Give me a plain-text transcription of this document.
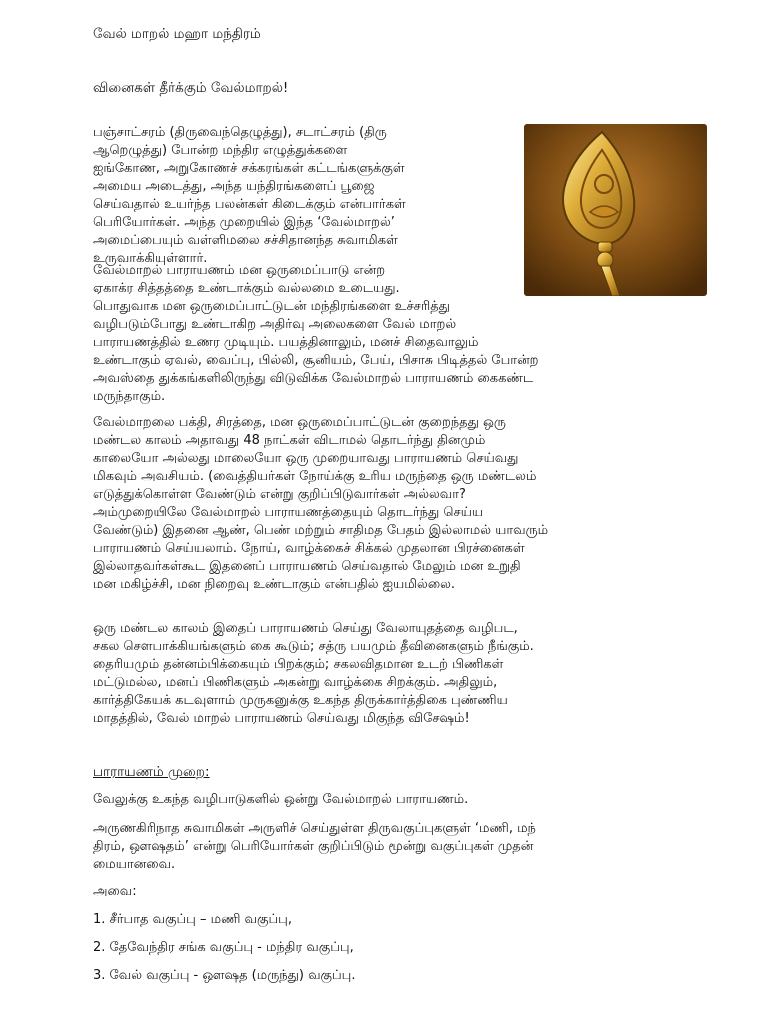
வேல் மாறல் மஹா மந்திரம்
வினைகள் தீர்க்கும் வேல்மாறல்!
பஞ்சாட்சரம் (திருவைந்தெழுத்து), சடாட்சரம் (திரு
ஆறெழுத்து) போன்ற மந்திர எழுத்துக்களை
ஐங்கோண, அறுகோணச் சக்கரங்கள் கட்டங்களுக்குள்
அமைய அடைத்து, அந்த யந்திரங்களைப் பூஜை
செய்வதால் உயர்ந்த பலன்கள் கிடைக்கும் என்பார்கள்
பெரியோர்கள். அந்த முறையில் இந்த ‘வேல்மாறல்’
அமைப்பையும் வள்ளிமலை சச்சிதானந்த சுவாமிகள்
உருவாக்கியுள்ளார்.
வேல்மாறல் பாராயணம் மன ஒருமைப்பாடு என்ற
ஏகாக்ர சித்தத்தை உண்டாக்கும் வல்லமை உடையது.
பொதுவாக மன ஒருமைப்பாட்டுடன் மந்திரங்களை உச்சரித்து
வழிபடும்போது உண்டாகிற அதிர்வு அலைகளை வேல் மாறல்
பாராயணத்தில் உணர முடியும். பயத்தினாலும், மனச் சிதைவாலும்
உண்டாகும் ஏவல், வைப்பு, பில்லி, சூனியம், பேய், பிசாசு பிடித்தல் போன்ற
அவஸ்தை துக்கங்களிலிருந்து விடுவிக்க வேல்மாறல் பாராயணம் கைகண்ட
மருந்தாகும்.
வேல்மாறலை பக்தி, சிரத்தை, மன ஒருமைப்பாட்டுடன் குறைந்தது ஒரு
மண்டல காலம் அதாவது 48 நாட்கள் விடாமல் தொடர்ந்து தினமும்
காலையோ அல்லது மாலையோ ஒரு முறையாவது பாராயணம் செய்வது
மிகவும் அவசியம். (வைத்தியர்கள் நோய்க்கு உரிய மருந்தை ஒரு மண்டலம்
எடுத்துக்கொள்ள வேண்டும் என்று குறிப்பிடுவார்கள் அல்லவா?
அம்முறையிலே வேல்மாறல் பாராயணத்தையும் தொடர்ந்து செய்ய
வேண்டும்) இதனை ஆண், பெண் மற்றும் சாதிமத பேதம் இல்லாமல் யாவரும்
பாராயணம் செய்யலாம். நோய், வாழ்க்கைச் சிக்கல் முதலான பிரச்னைகள்
இல்லாதவர்கள்கூட இதனைப் பாராயணம் செய்வதால் மேலும் மன உறுதி
மன மகிழ்ச்சி, மன நிறைவு உண்டாகும் என்பதில் ஐயமில்லை.
ஒரு மண்டல காலம் இதைப் பாராயணம் செய்து வேலாயுதத்தை வழிபட,
சகல சௌபாக்கியங்களும் கை கூடும்; சத்ரு பயமும் தீவினைகளும் நீங்கும்.
தைரியமும் தன்னம்பிக்கையும் பிறக்கும்; சகலவிதமான உடற் பிணிகள்
மட்டுமல்ல, மனப் பிணிகளும் அகன்று வாழ்க்கை சிறக்கும். அதிலும்,
கார்த்திகேயக் கடவுளாம் முருகனுக்கு உகந்த திருக்கார்த்திகை புண்ணிய
மாதத்தில், வேல் மாறல் பாராயணம் செய்வது மிகுந்த விசேஷம்!
பாராயணம் முறை:
வேலுக்கு உகந்த வழிபாடுகளில் ஒன்று வேல்மாறல் பாராயணம்.
அருணகிரிநாத சுவாமிகள் அருளிச் செய்துள்ள திருவகுப்புகளுள் ‘மணி, மந்
திரம், ஔஷதம்’ என்று பெரியோர்கள் குறிப்பிடும் மூன்று வகுப்புகள் முதன்
மையானவை.
அவை:
1. சீர்பாத வகுப்பு – மணி வகுப்பு,
2. தேவேந்திர சங்க வகுப்பு - மந்திர வகுப்பு,
3. வேல் வகுப்பு - ஔஷத (மருந்து) வகுப்பு.
